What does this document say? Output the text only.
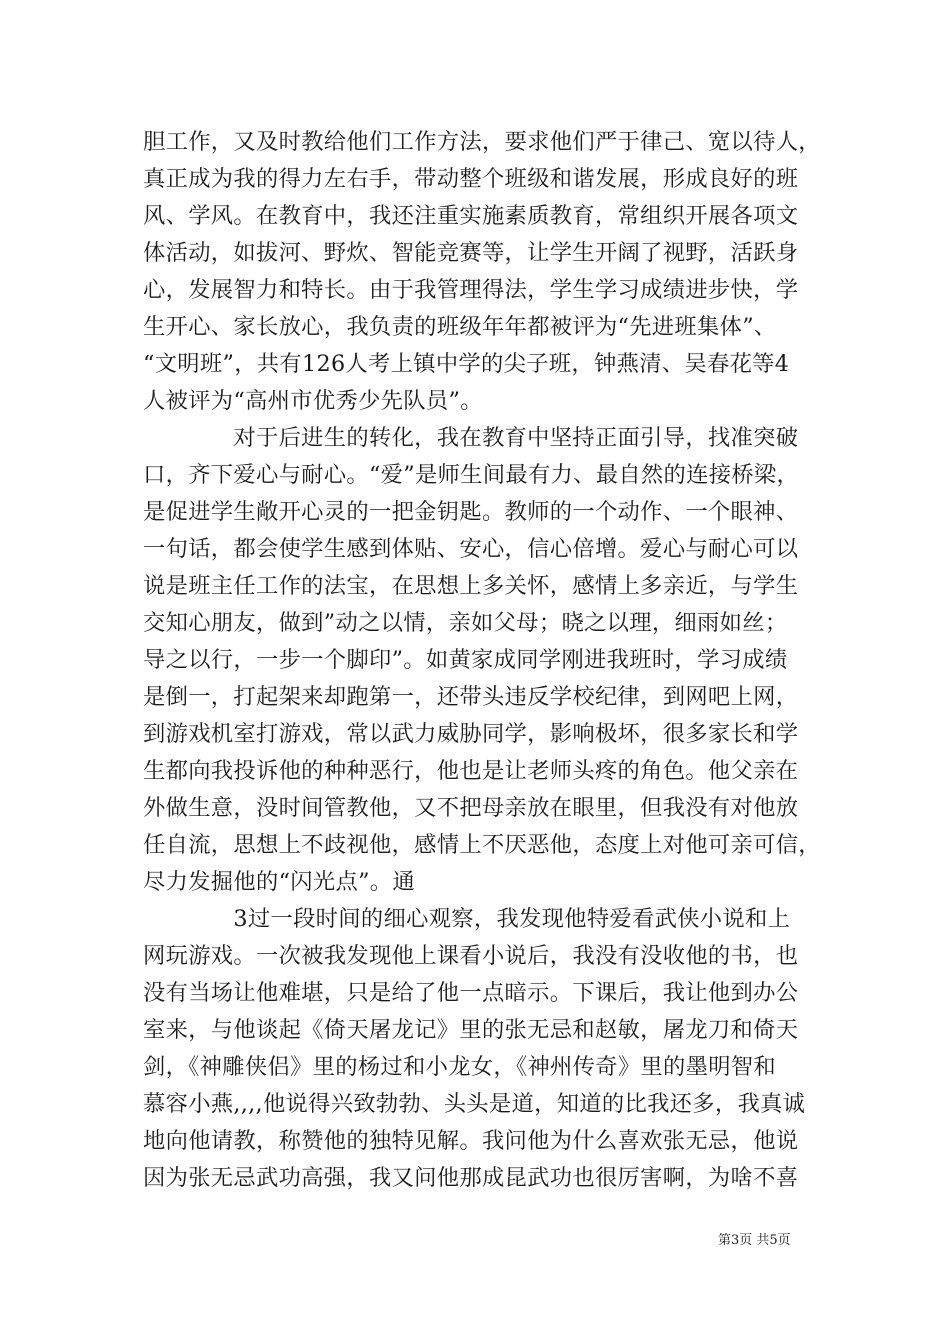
胆工作，又及时教给他们工作方法，要求他们严于律己、宽以待人，
真正成为我的得力左右手，带动整个班级和谐发展，形成良好的班
风、学风。在教育中，我还注重实施素质教育，常组织开展各项文
体活动，如拔河、野炊、智能竞赛等，让学生开阔了视野，活跃身
心，发展智力和特长。由于我管理得法，学生学习成绩进步快，学
生开心、家长放心，我负责的班级年年都被评为“先进班集体”、
“文明班”，共有126人考上镇中学的尖子班，钟燕清、吴春花等4
人被评为“高州市优秀少先队员”。
　　　　对于后进生的转化，我在教育中坚持正面引导，找准突破
口，齐下爱心与耐心。“爱”是师生间最有力、最自然的连接桥梁，
是促进学生敞开心灵的一把金钥匙。教师的一个动作、一个眼神、
一句话，都会使学生感到体贴、安心，信心倍增。爱心与耐心可以
说是班主任工作的法宝，在思想上多关怀，感情上多亲近，与学生
交知心朋友，做到”动之以情，亲如父母；晓之以理，细雨如丝；
导之以行，一步一个脚印”。如黄家成同学刚进我班时，学习成绩
是倒一，打起架来却跑第一，还带头违反学校纪律，到网吧上网，
到游戏机室打游戏，常以武力威胁同学，影响极坏，很多家长和学
生都向我投诉他的种种恶行，他也是让老师头疼的角色。他父亲在
外做生意，没时间管教他，又不把母亲放在眼里，但我没有对他放
任自流，思想上不歧视他，感情上不厌恶他，态度上对他可亲可信，
尽力发掘他的“闪光点”。通
　　　　3过一段时间的细心观察，我发现他特爱看武侠小说和上
网玩游戏。一次被我发现他上课看小说后，我没有没收他的书，也
没有当场让他难堪，只是给了他一点暗示。下课后，我让他到办公
室来，与他谈起《倚天屠龙记》里的张无忌和赵敏，屠龙刀和倚天
剑，《神雕侠侣》里的杨过和小龙女，《神州传奇》里的墨明智和
慕容小燕,,,,他说得兴致勃勃、头头是道，知道的比我还多，我真诚
地向他请教，称赞他的独特见解。我问他为什么喜欢张无忌，他说
因为张无忌武功高强，我又问他那成昆武功也很厉害啊，为啥不喜
第3页 共5页
